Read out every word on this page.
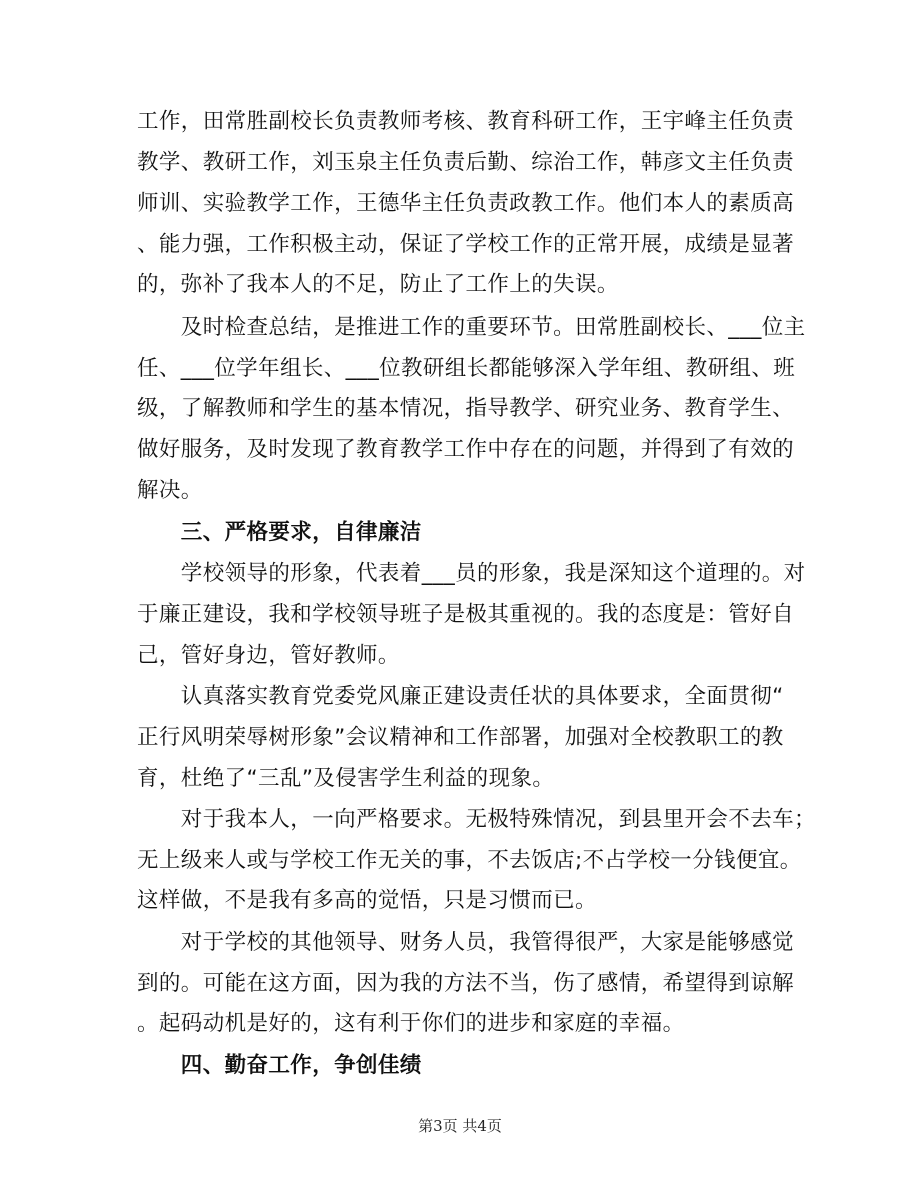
工作，田常胜副校长负责教师考核、教育科研工作，王宇峰主任负责
教学、教研工作，刘玉泉主任负责后勤、综治工作，韩彦文主任负责
师训、实验教学工作，王德华主任负责政教工作。他们本人的素质高
、能力强，工作积极主动，保证了学校工作的正常开展，成绩是显著
的，弥补了我本人的不足，防止了工作上的失误。
　　及时检查总结，是推进工作的重要环节。田常胜副校长、___位主
任、___位学年组长、___位教研组长都能够深入学年组、教研组、班
级，了解教师和学生的基本情况，指导教学、研究业务、教育学生、
做好服务，及时发现了教育教学工作中存在的问题，并得到了有效的
解决。
　　三、严格要求，自律廉洁
　　学校领导的形象，代表着___员的形象，我是深知这个道理的。对
于廉正建设，我和学校领导班子是极其重视的。我的态度是：管好自
己，管好身边，管好教师。
　　认真落实教育党委党风廉正建设责任状的具体要求，全面贯彻“
正行风明荣辱树形象”会议精神和工作部署，加强对全校教职工的教
育，杜绝了“三乱”及侵害学生利益的现象。
　　对于我本人，一向严格要求。无极特殊情况，到县里开会不去车；
无上级来人或与学校工作无关的事，不去饭店;不占学校一分钱便宜。
这样做，不是我有多高的觉悟，只是习惯而已。
　　对于学校的其他领导、财务人员，我管得很严，大家是能够感觉
到的。可能在这方面，因为我的方法不当，伤了感情，希望得到谅解
。起码动机是好的，这有利于你们的进步和家庭的幸福。
　　四、勤奋工作，争创佳绩
第3页 共4页
